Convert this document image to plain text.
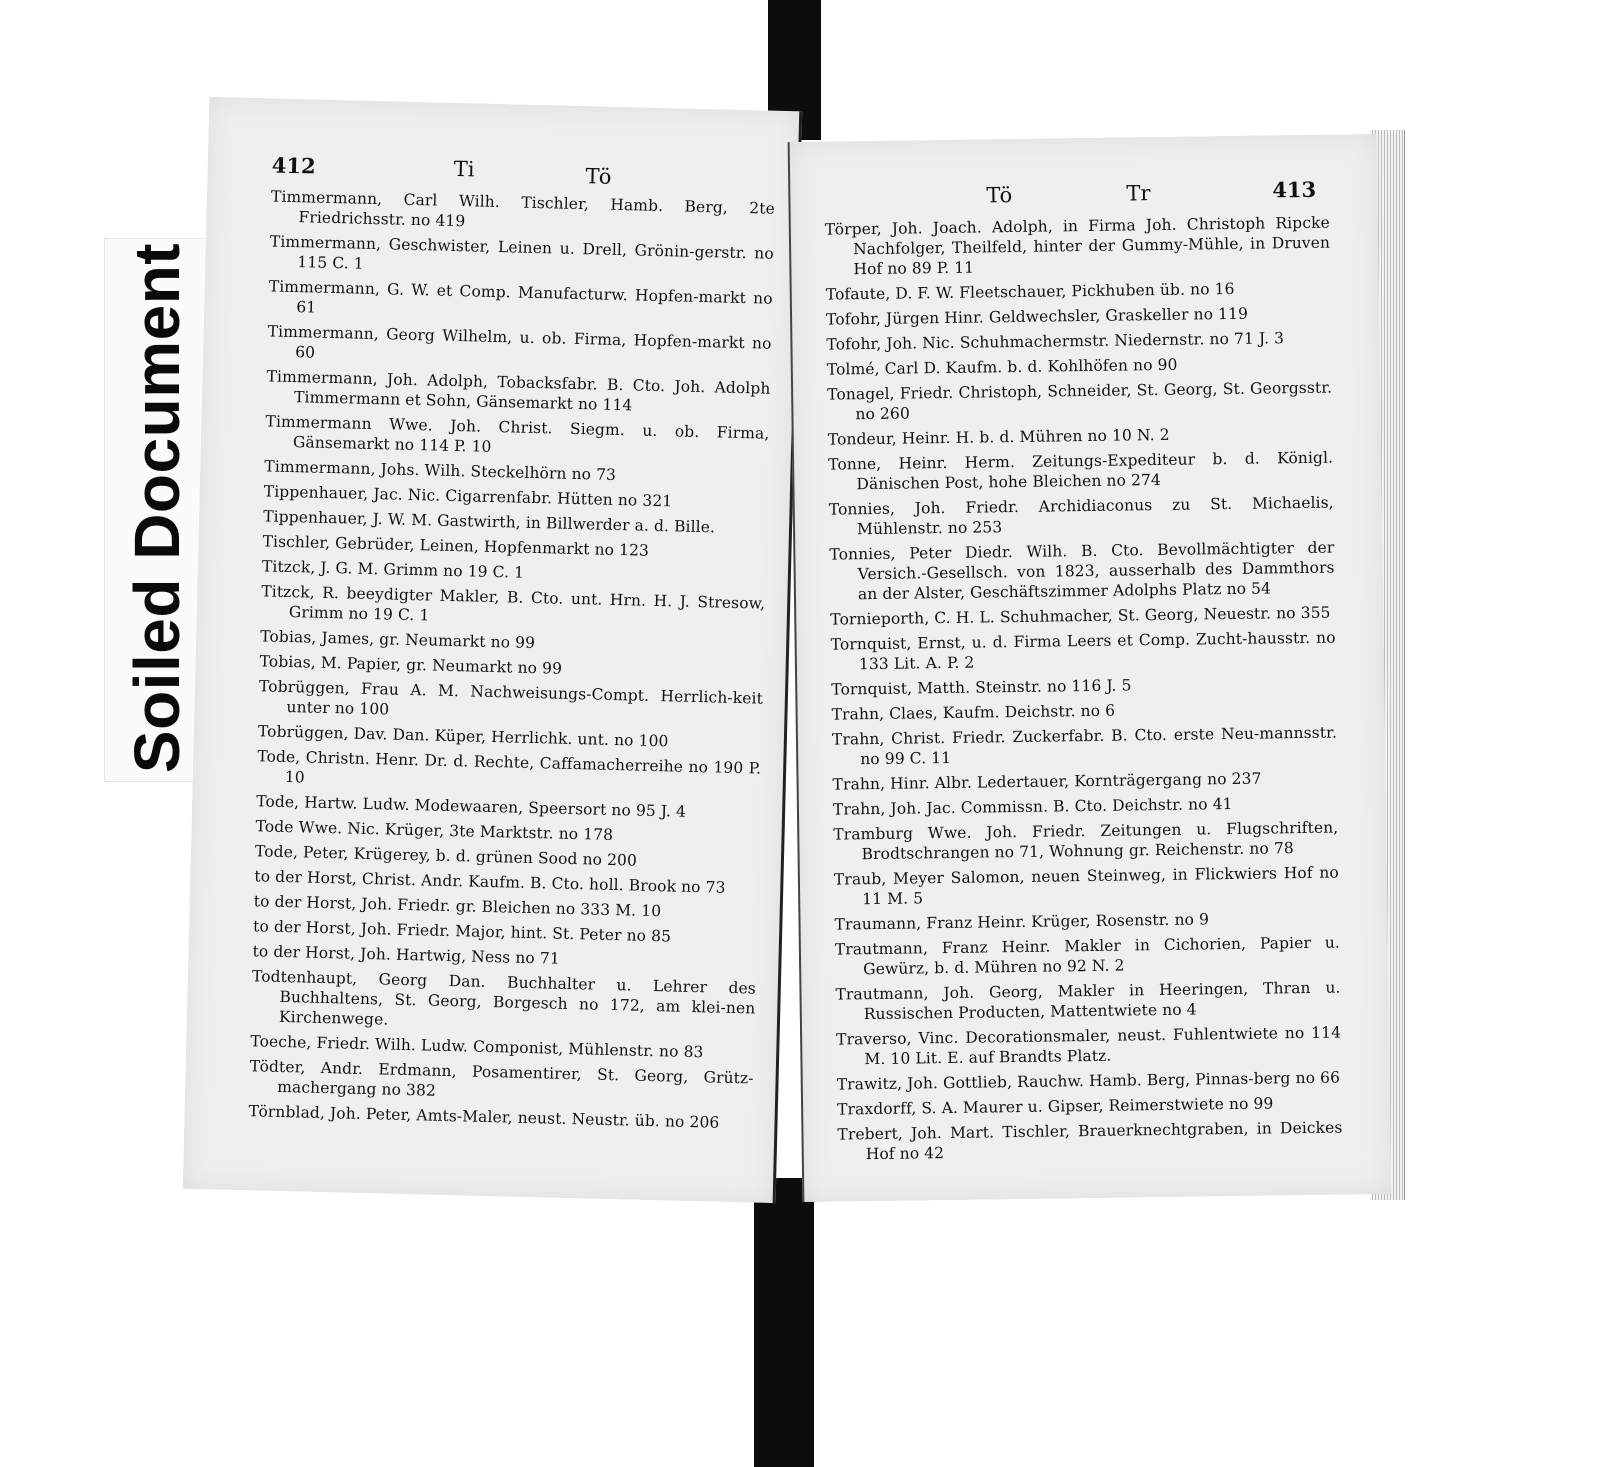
Soiled Document
412	Ti	Tö
Timmermann, Carl Wilh. Tischler, Hamb. Berg, 2te Friedrichsstr. no 419
Timmermann, Geschwister, Leinen u. Drell, Grönin-gerstr. no 115 C. 1
Timmermann, G. W. et Comp. Manufacturw. Hopfen-markt no 61
Timmermann, Georg Wilhelm, u. ob. Firma, Hopfen-markt no 60
Timmermann, Joh. Adolph, Tobacksfabr. B. Cto. Joh. Adolph Timmermann et Sohn, Gänsemarkt no 114
Timmermann Wwe. Joh. Christ. Siegm. u. ob. Firma, Gänsemarkt no 114 P. 10
Timmermann, Johs. Wilh. Steckelhörn no 73
Tippenhauer, Jac. Nic. Cigarrenfabr. Hütten no 321
Tippenhauer, J. W. M. Gastwirth, in Billwerder a. d. Bille.
Tischler, Gebrüder, Leinen, Hopfenmarkt no 123
Titzck, J. G. M. Grimm no 19 C. 1
Titzck, R. beeydigter Makler, B. Cto. unt. Hrn. H. J. Stresow, Grimm no 19 C. 1
Tobias, James, gr. Neumarkt no 99
Tobias, M. Papier, gr. Neumarkt no 99
Tobrüggen, Frau A. M. Nachweisungs-Compt. Herrlich-keit unter no 100
Tobrüggen, Dav. Dan. Küper, Herrlichk. unt. no 100
Tode, Christn. Henr. Dr. d. Rechte, Caffamacherreihe no 190 P. 10
Tode, Hartw. Ludw. Modewaaren, Speersort no 95 J. 4
Tode Wwe. Nic. Krüger, 3te Marktstr. no 178
Tode, Peter, Krügerey, b. d. grünen Sood no 200
to der Horst, Christ. Andr. Kaufm. B. Cto. holl. Brook no 73
to der Horst, Joh. Friedr. gr. Bleichen no 333 M. 10
to der Horst, Joh. Friedr. Major, hint. St. Peter no 85
to der Horst, Joh. Hartwig, Ness no 71
Todtenhaupt, Georg Dan. Buchhalter u. Lehrer des Buchhaltens, St. Georg, Borgesch no 172, am klei-nen Kirchenwege.
Toeche, Friedr. Wilh. Ludw. Componist, Mühlenstr. no 83
Tödter, Andr. Erdmann, Posamentirer, St. Georg, Grütz-machergang no 382
Törnblad, Joh. Peter, Amts-Maler, neust. Neustr. üb. no 206
Tö	Tr	413
Törper, Joh. Joach. Adolph, in Firma Joh. Christoph Ripcke Nachfolger, Theilfeld, hinter der Gummy-Mühle, in Druven Hof no 89 P. 11
Tofaute, D. F. W. Fleetschauer, Pickhuben üb. no 16
Tofohr, Jürgen Hinr. Geldwechsler, Graskeller no 119
Tofohr, Joh. Nic. Schuhmachermstr. Niedernstr. no 71 J. 3
Tolmé, Carl D. Kaufm. b. d. Kohlhöfen no 90
Tonagel, Friedr. Christoph, Schneider, St. Georg, St. Georgsstr. no 260
Tondeur, Heinr. H. b. d. Mühren no 10 N. 2
Tonne, Heinr. Herm. Zeitungs-Expediteur b. d. Königl. Dänischen Post, hohe Bleichen no 274
Tonnies, Joh. Friedr. Archidiaconus zu St. Michaelis, Mühlenstr. no 253
Tonnies, Peter Diedr. Wilh. B. Cto. Bevollmächtigter der Versich.-Gesellsch. von 1823, ausserhalb des Dammthors an der Alster, Geschäftszimmer Adolphs Platz no 54
Tornieporth, C. H. L. Schuhmacher, St. Georg, Neuestr. no 355
Tornquist, Ernst, u. d. Firma Leers et Comp. Zucht-hausstr. no 133 Lit. A. P. 2
Tornquist, Matth. Steinstr. no 116 J. 5
Trahn, Claes, Kaufm. Deichstr. no 6
Trahn, Christ. Friedr. Zuckerfabr. B. Cto. erste Neu-mannsstr. no 99 C. 11
Trahn, Hinr. Albr. Ledertauer, Kornträgergang no 237
Trahn, Joh. Jac. Commissn. B. Cto. Deichstr. no 41
Tramburg Wwe. Joh. Friedr. Zeitungen u. Flugschriften, Brodtschrangen no 71, Wohnung gr. Reichenstr. no 78
Traub, Meyer Salomon, neuen Steinweg, in Flickwiers Hof no 11 M. 5
Traumann, Franz Heinr. Krüger, Rosenstr. no 9
Trautmann, Franz Heinr. Makler in Cichorien, Papier u. Gewürz, b. d. Mühren no 92 N. 2
Trautmann, Joh. Georg, Makler in Heeringen, Thran u. Russischen Producten, Mattentwiete no 4
Traverso, Vinc. Decorationsmaler, neust. Fuhlentwiete no 114 M. 10 Lit. E. auf Brandts Platz.
Trawitz, Joh. Gottlieb, Rauchw. Hamb. Berg, Pinnas-berg no 66
Traxdorff, S. A. Maurer u. Gipser, Reimerstwiete no 99
Trebert, Joh. Mart. Tischler, Brauerknechtgraben, in Deickes Hof no 42
